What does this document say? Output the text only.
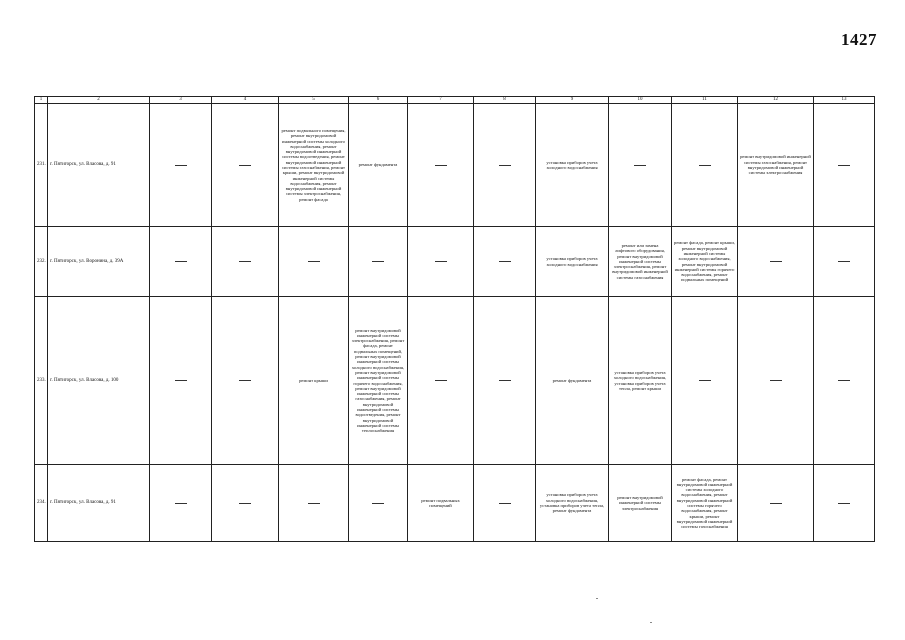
1427
1	2	3	4	5	6	7	8	9	10	11	12	13
231.	г. Пятигорск, ул. Власова, д. 91			ремонт подвального помещения, ремонт внутридомовой инженерной системы холодного водоснабжения, ремонт внутридомовой инженерной системы водоотведения, ремонт внутридомовой инженерной системы газоснабжения, ремонт крыши, ремонт внутридомовой инженерной системы водоснабжения, ремонт внутридомовой инженерной системы электроснабжения, ремонт фасада	ремонт фундамента			установка приборов учета холодного водоснабжения			ремонт внутридомовой инженерной системы газоснабжения, ремонт внутридомовой инженерной системы электроснабжения	

232.	г. Пятигорск, ул. Воронина, д. 39А							установка приборов учета холодного водоснабжения	ремонт или замена лифтового оборудования, ремонт внутридомовой инженерной системы электроснабжения, ремонт внутридомовой инженерной системы газоснабжения	ремонт фасада, ремонт крыши, ремонт внутридомовой инженерной системы холодного водоснабжения, ремонт внутридомовой инженерной системы горячего водоснабжения, ремонт подвальных помещений		

233.	г. Пятигорск, ул. Власова, д. 100			ремонт крыши	ремонт внутридомовой инженерной системы электроснабжения, ремонт фасада, ремонт подвальных помещений, ремонт внутридомовой инженерной системы холодного водоснабжения, ремонт внутридомовой инженерной системы горячего водоснабжения, ремонт внутридомовой инженерной системы газоснабжения, ремонт внутридомовой инженерной системы водоотведения, ремонт внутридомовой инженерной системы теплоснабжения			ремонт фундамента	установка приборов учета холодного водоснабжения, установка приборов учета тепла, ремонт крыши			

234.	г. Пятигорск, ул. Власова, д. 91					ремонт подвальных помещений		установка приборов учета холодного водоснабжения, установка приборов учета тепла, ремонт фундамента	ремонт внутридомовой инженерной системы электроснабжения	ремонт фасада, ремонт внутридомовой инженерной системы холодного водоснабжения, ремонт внутридомовой инженерной системы горячего водоснабжения, ремонт крыши, ремонт внутридомовой инженерной системы газоснабжения		
